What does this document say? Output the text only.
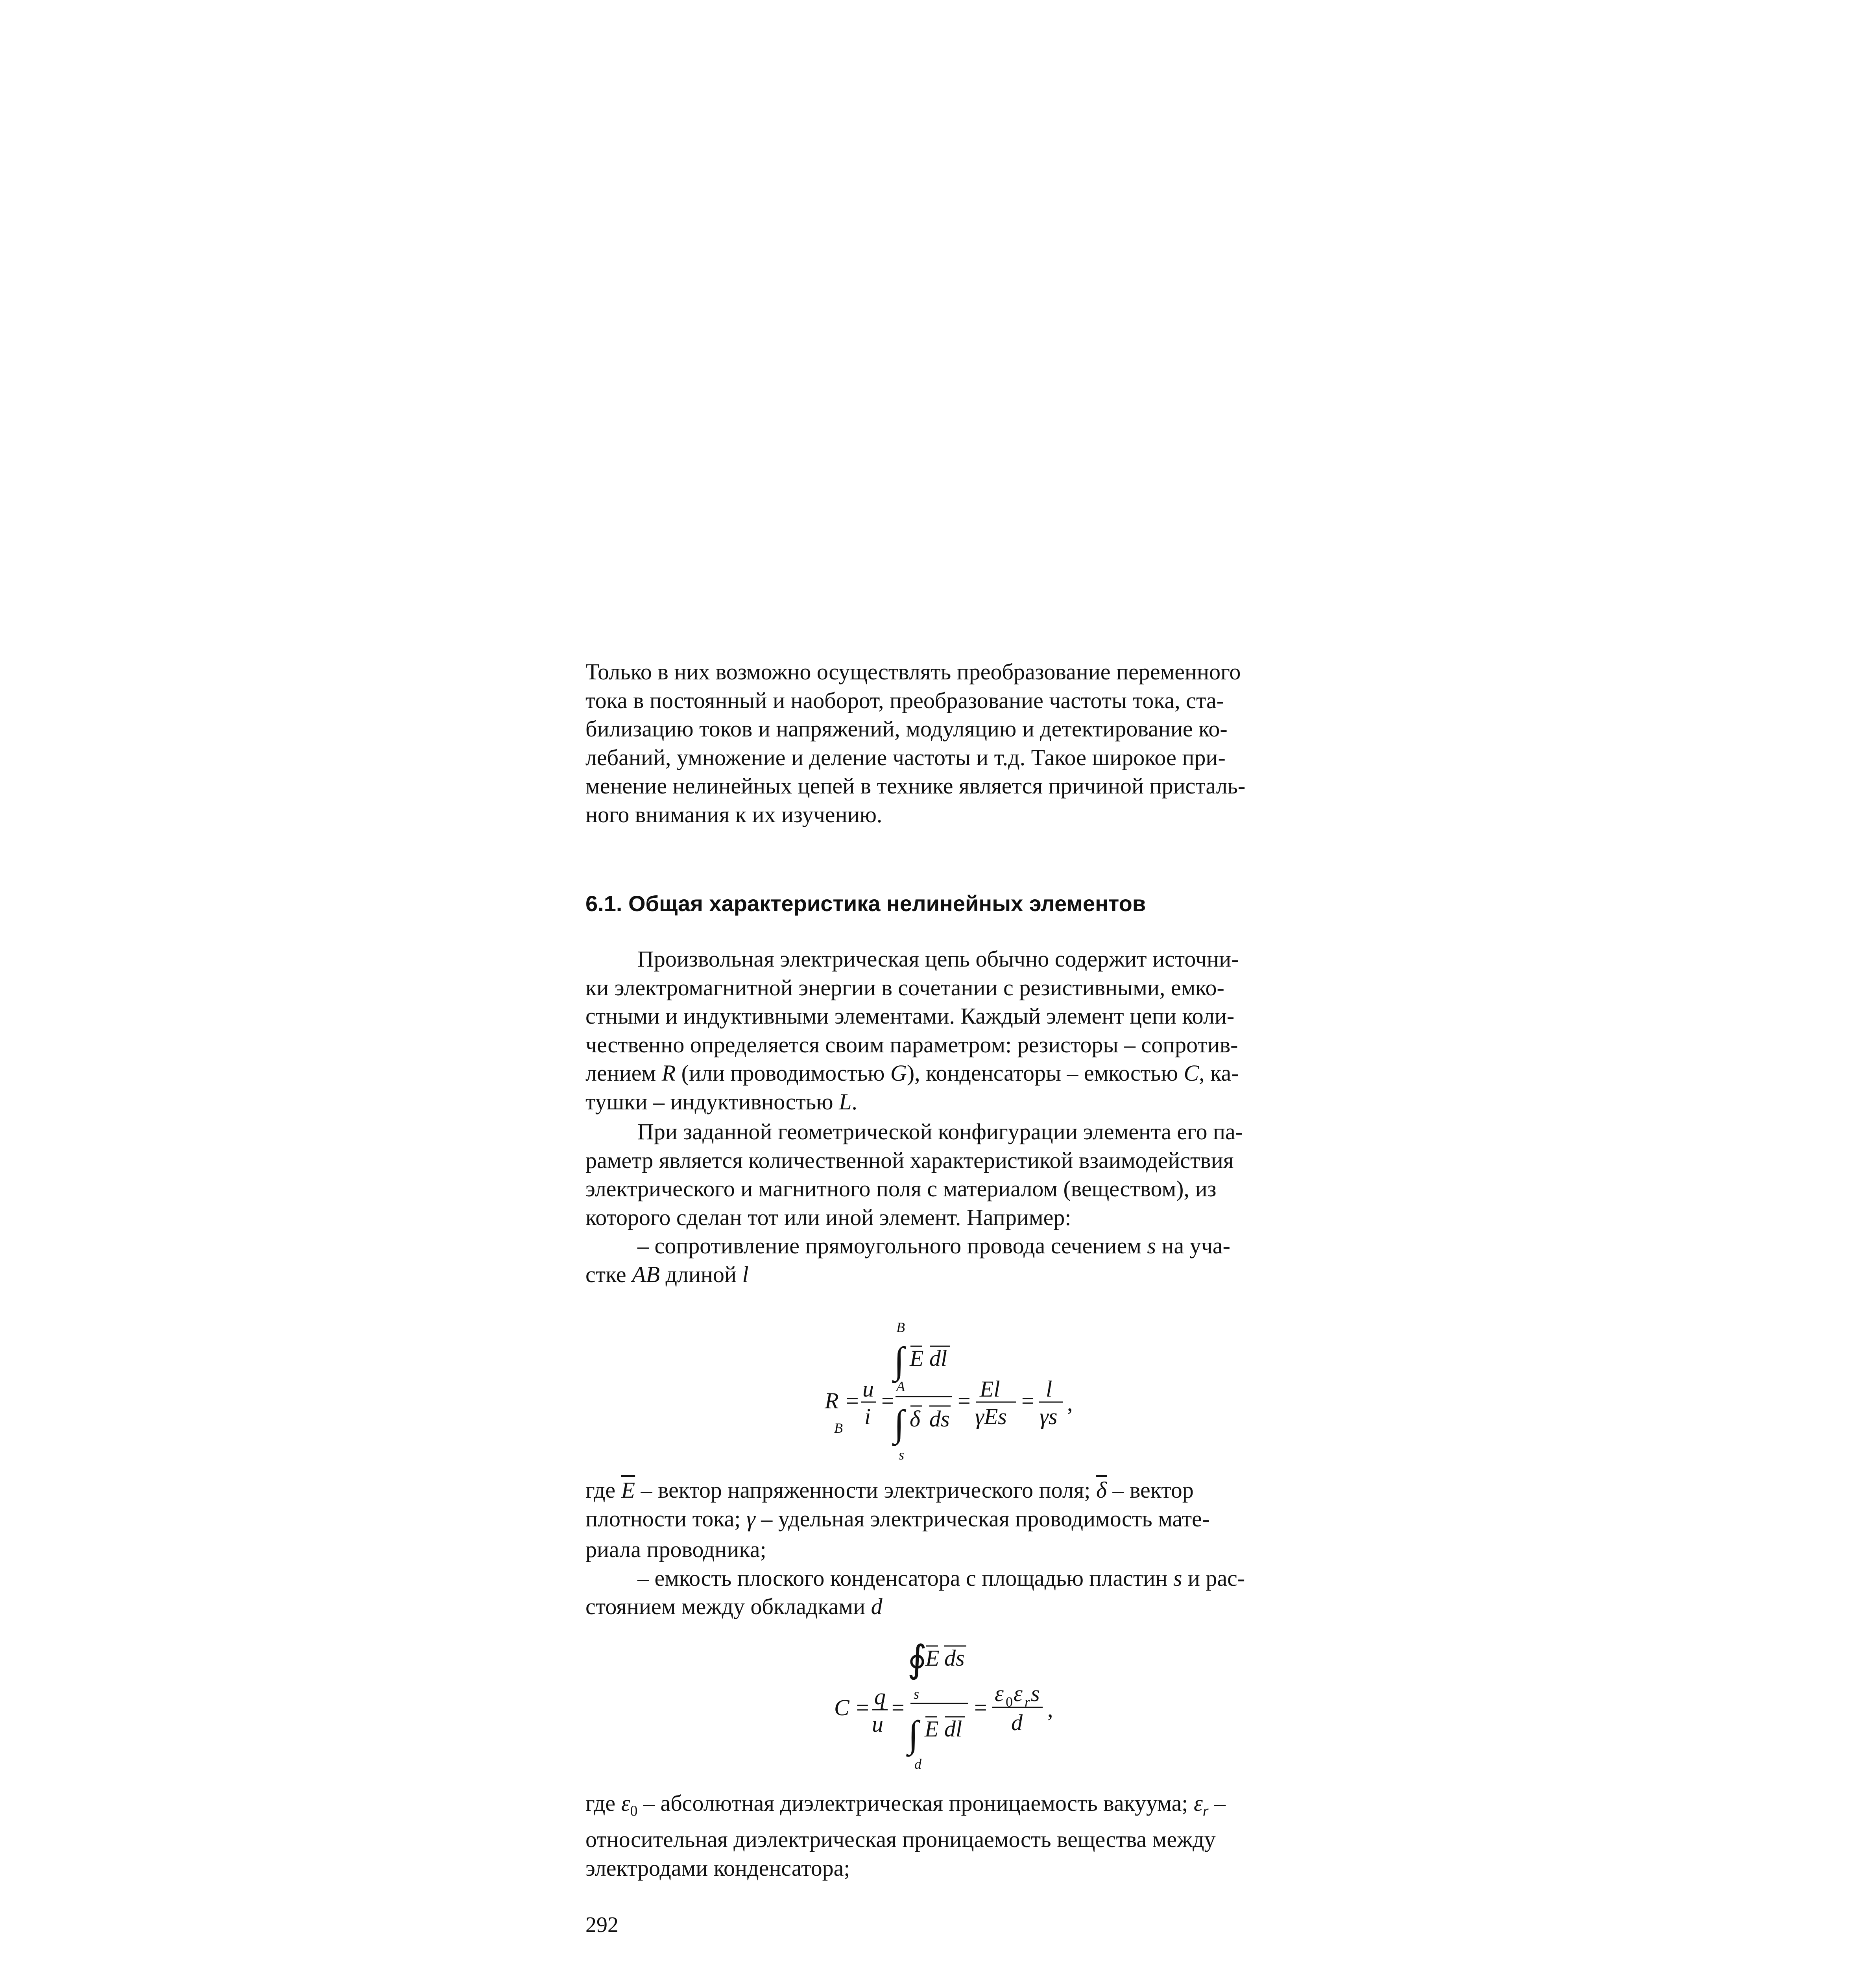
Только в них возможно осуществлять преобразование переменного

тока в постоянный и наоборот, преобразование частоты тока, ста-

билизацию токов и напряжений, модуляцию и детектирование ко-

лебаний, умножение и деление частоты и т.д. Такое широкое при-

менение нелинейных цепей в технике является причиной присталь-

ного внимания к их изучению.

6.1. Общая характеристика нелинейных элементов

Произвольная электрическая цепь обычно содержит источни-

ки электромагнитной энергии в сочетании с резистивными, емко-

стными и индуктивными элементами. Каждый элемент цепи коли-

чественно определяется своим параметром: резисторы – сопротив-

лением R (или проводимостью G), конденсаторы – емкостью C, ка-

тушки – индуктивностью L.

При заданной геометрической конфигурации элемента его па-

раметр является количественной характеристикой взаимодействия

электрического и магнитного поля с материалом (веществом), из

которого сделан тот или иной элемент. Например:

– сопротивление прямоугольного провода сечением s на уча-

стке AB длиной l

B
R = u
i
=
B
∫ E dl
A
∫ δ ds
s
= El
γEs
= l
γs
,

где $\overline{E}$ – вектор напряженности электрического поля; $\overline{\delta}$ – вектор

плотности тока; γ – удельная электрическая проводимость мате-

риала проводника;

– емкость плоского конденсатора с площадью пластин s и рас-

стоянием между обкладками d

C = q
u
=
∮
E ds
s
∫ E dl
d
=
ε 0 ε r s
d
,

где $\varepsilon_0$ – абсолютная диэлектрическая проницаемость вакуума; $\varepsilon_r$ –

относительная диэлектрическая проницаемость вещества между

электродами конденсатора;

292
